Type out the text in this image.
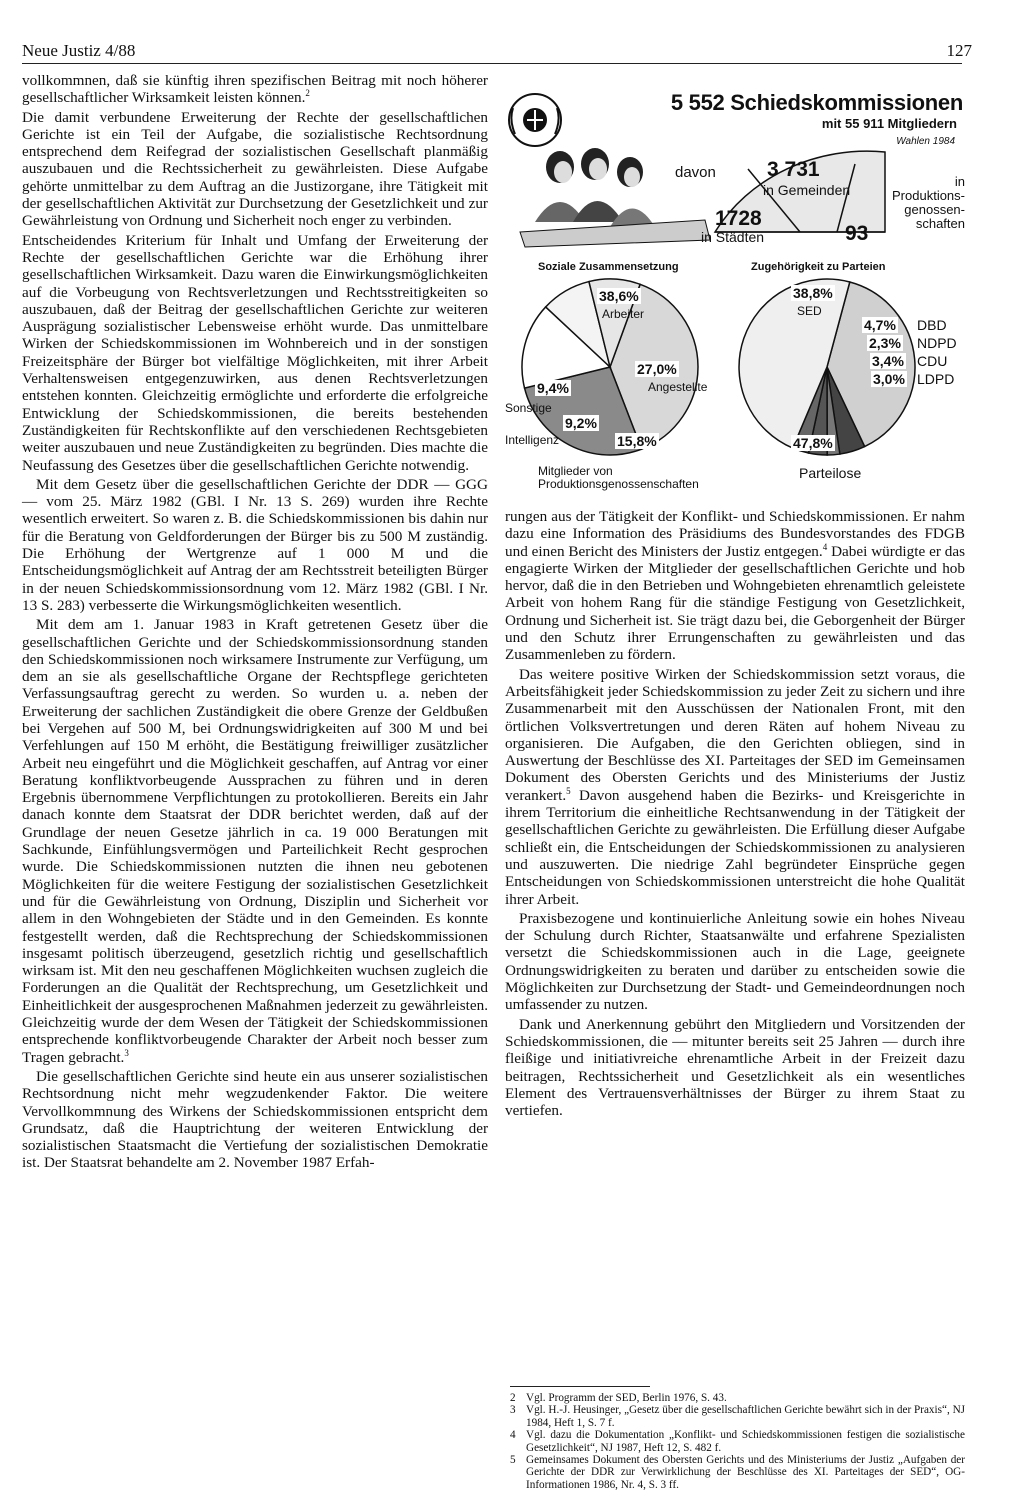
Neue Justiz 4/88	127

vollkommnen, daß sie künftig ihren spezifischen Beitrag mit noch höherer gesellschaftlicher Wirksamkeit leisten können.$^2$

Die damit verbundene Erweiterung der Rechte der gesellschaftlichen Gerichte ist ein Teil der Aufgabe, die sozialistische Rechtsordnung entsprechend dem Reifegrad der sozialistischen Gesellschaft planmäßig auszubauen und die Rechtssicherheit zu gewährleisten. Diese Aufgabe gehörte unmittelbar zu dem Auftrag an die Justizorgane, ihre Tätigkeit mit der gesellschaftlichen Aktivität zur Durchsetzung der Gesetzlichkeit und zur Gewährleistung von Ordnung und Sicherheit noch enger zu verbinden.

Entscheidendes Kriterium für Inhalt und Umfang der Erweiterung der Rechte der gesellschaftlichen Gerichte war die Erhöhung ihrer gesellschaftlichen Wirksamkeit. Dazu waren die Einwirkungsmöglichkeiten auf die Vorbeugung von Rechtsverletzungen und Rechtsstreitigkeiten so auszubauen, daß der Beitrag der gesellschaftlichen Gerichte zur weiteren Ausprägung sozialistischer Lebensweise erhöht wurde. Das unmittelbare Wirken der Schiedskommissionen im Wohnbereich und in der sonstigen Freizeitsphäre der Bürger bot vielfältige Möglichkeiten, mit ihrer Arbeit Verhaltensweisen entgegenzuwirken, aus denen Rechtsverletzungen entstehen konnten. Gleichzeitig ermöglichte und erforderte die erfolgreiche Entwicklung der Schiedskommissionen, die bereits bestehenden Zuständigkeiten für Rechtskonflikte auf den verschiedenen Rechtsgebieten weiter auszubauen und neue Zuständigkeiten zu begründen. Dies machte die Neufassung des Gesetzes über die gesellschaftlichen Gerichte notwendig.

Mit dem Gesetz über die gesellschaftlichen Gerichte der DDR — GGG — vom 25. März 1982 (GBl. I Nr. 13 S. 269) wurden ihre Rechte wesentlich erweitert. So waren z. B. die Schiedskommissionen bis dahin nur für die Beratung von Geldforderungen der Bürger bis zu 500 M zuständig. Die Erhöhung der Wertgrenze auf 1 000 M und die Entscheidungsmöglichkeit auf Antrag der am Rechtsstreit beteiligten Bürger in der neuen Schiedskommissionsordnung vom 12. März 1982 (GBl. I Nr. 13 S. 283) verbesserte die Wirkungsmöglichkeiten wesentlich.

Mit dem am 1. Januar 1983 in Kraft getretenen Gesetz über die gesellschaftlichen Gerichte und der Schiedskommissionsordnung standen den Schiedskommissionen noch wirksamere Instrumente zur Verfügung, um dem an sie als gesellschaftliche Organe der Rechtspflege gerichteten Verfassungsauftrag gerecht zu werden. So wurden u. a. neben der Erweiterung der sachlichen Zuständigkeit die obere Grenze der Geldbußen bei Vergehen auf 500 M, bei Ordnungswidrigkeiten auf 300 M und bei Verfehlungen auf 150 M erhöht, die Bestätigung freiwilliger zusätzlicher Arbeit neu eingeführt und die Möglichkeit geschaffen, auf Antrag vor einer Beratung konfliktvorbeugende Aussprachen zu führen und in deren Ergebnis übernommene Verpflichtungen zu protokollieren. Bereits ein Jahr danach konnte dem Staatsrat der DDR berichtet werden, daß auf der Grundlage der neuen Gesetze jährlich in ca. 19 000 Beratungen mit Sachkunde, Einfühlungsvermögen und Parteilichkeit Recht gesprochen wurde. Die Schiedskommissionen nutzten die ihnen neu gebotenen Möglichkeiten für die weitere Festigung der sozialistischen Gesetzlichkeit und für die Gewährleistung von Ordnung, Disziplin und Sicherheit vor allem in den Wohngebieten der Städte und in den Gemeinden. Es konnte festgestellt werden, daß die Rechtsprechung der Schiedskommissionen insgesamt politisch überzeugend, gesetzlich richtig und gesellschaftlich wirksam ist. Mit den neu geschaffenen Möglichkeiten wuchsen zugleich die Forderungen an die Qualität der Rechtsprechung, um Gesetzlichkeit und Einheitlichkeit der ausgesprochenen Maßnahmen jederzeit zu gewährleisten. Gleichzeitig wurde der dem Wesen der Tätigkeit der Schiedskommissionen entsprechende konfliktvorbeugende Charakter der Arbeit noch besser zum Tragen gebracht.$^3$

Die gesellschaftlichen Gerichte sind heute ein aus unserer sozialistischen Rechtsordnung nicht mehr wegzudenkender Faktor. Die weitere Vervollkommnung des Wirkens der Schiedskommissionen entspricht dem Grundsatz, daß die Hauptrichtung der weiteren Entwicklung der sozialistischen Staatsmacht die Vertiefung der sozialistischen Demokratie ist. Der Staatsrat behandelte am 2. November 1987 Erfah-

5 552 Schiedskommissionen
mit 55 911 Mitgliedern
Wahlen 1984
davon 3 731
in Gemeinden
1728
in Städten	93
in
Produktions-
genossen-
schaften
Soziale Zusammensetzung	Zugehörigkeit zu Parteien
38,6%
Arbeiter
27,0%
Angestellte
15,8%
Mitglieder von Produktionsgenossenschaften
9,2%
Intelligenz
9,4%
Sonstige
38,8%
SED
4,7% DBD
2,3% NDPD
3,4% CDU
3,0% LDPD
47,8%
Parteilose

rungen aus der Tätigkeit der Konflikt- und Schiedskommissionen. Er nahm dazu eine Information des Präsidiums des Bundesvorstandes des FDGB und einen Bericht des Ministers der Justiz entgegen.$^4$ Dabei würdigte er das engagierte Wirken der Mitglieder der gesellschaftlichen Gerichte und hob hervor, daß die in den Betrieben und Wohngebieten ehrenamtlich geleistete Arbeit von hohem Rang für die ständige Festigung von Gesetzlichkeit, Ordnung und Sicherheit ist. Sie trägt dazu bei, die Geborgenheit der Bürger und den Schutz ihrer Errungenschaften zu gewährleisten und das Zusammenleben zu fördern.

Das weitere positive Wirken der Schiedskommission setzt voraus, die Arbeitsfähigkeit jeder Schiedskommission zu jeder Zeit zu sichern und ihre Zusammenarbeit mit den Ausschüssen der Nationalen Front, mit den örtlichen Volksvertretungen und deren Räten auf hohem Niveau zu organisieren. Die Aufgaben, die den Gerichten obliegen, sind in Auswertung der Beschlüsse des XI. Parteitages der SED im Gemeinsamen Dokument des Obersten Gerichts und des Ministeriums der Justiz verankert.$^5$ Davon ausgehend haben die Bezirks- und Kreisgerichte in ihrem Territorium die einheitliche Rechtsanwendung in der Tätigkeit der gesellschaftlichen Gerichte zu gewährleisten. Die Erfüllung dieser Aufgabe schließt ein, die Entscheidungen der Schiedskommissionen zu analysieren und auszuwerten. Die niedrige Zahl begründeter Einsprüche gegen Entscheidungen von Schiedskommissionen unterstreicht die hohe Qualität ihrer Arbeit.

Praxisbezogene und kontinuierliche Anleitung sowie ein hohes Niveau der Schulung durch Richter, Staatsanwälte und erfahrene Spezialisten versetzt die Schiedskommissionen auch in die Lage, geeignete Ordnungswidrigkeiten zu beraten und darüber zu entscheiden sowie die Möglichkeiten zur Durchsetzung der Stadt- und Gemeindeordnungen noch umfassender zu nutzen.

Dank und Anerkennung gebührt den Mitgliedern und Vorsitzenden der Schiedskommissionen, die — mitunter bereits seit 25 Jahren — durch ihre fleißige und initiativreiche ehrenamtliche Arbeit in der Freizeit dazu beitragen, Rechtssicherheit und Gesetzlichkeit als ein wesentliches Element des Vertrauensverhältnisses der Bürger zu ihrem Staat zu vertiefen.

2 Vgl. Programm der SED, Berlin 1976, S. 43.
3 Vgl. H.-J. Heusinger, „Gesetz über die gesellschaftlichen Gerichte bewährt sich in der Praxis“, NJ 1984, Heft 1, S. 7 f.
4 Vgl. dazu die Dokumentation „Konflikt- und Schiedskommissionen festigen die sozialistische Gesetzlichkeit“, NJ 1987, Heft 12, S. 482 f.
5 Gemeinsames Dokument des Obersten Gerichts und des Ministeriums der Justiz „Aufgaben der Gerichte der DDR zur Verwirklichung der Beschlüsse des XI. Parteitages der SED“, OG-Informationen 1986, Nr. 4, S. 3 ff.
